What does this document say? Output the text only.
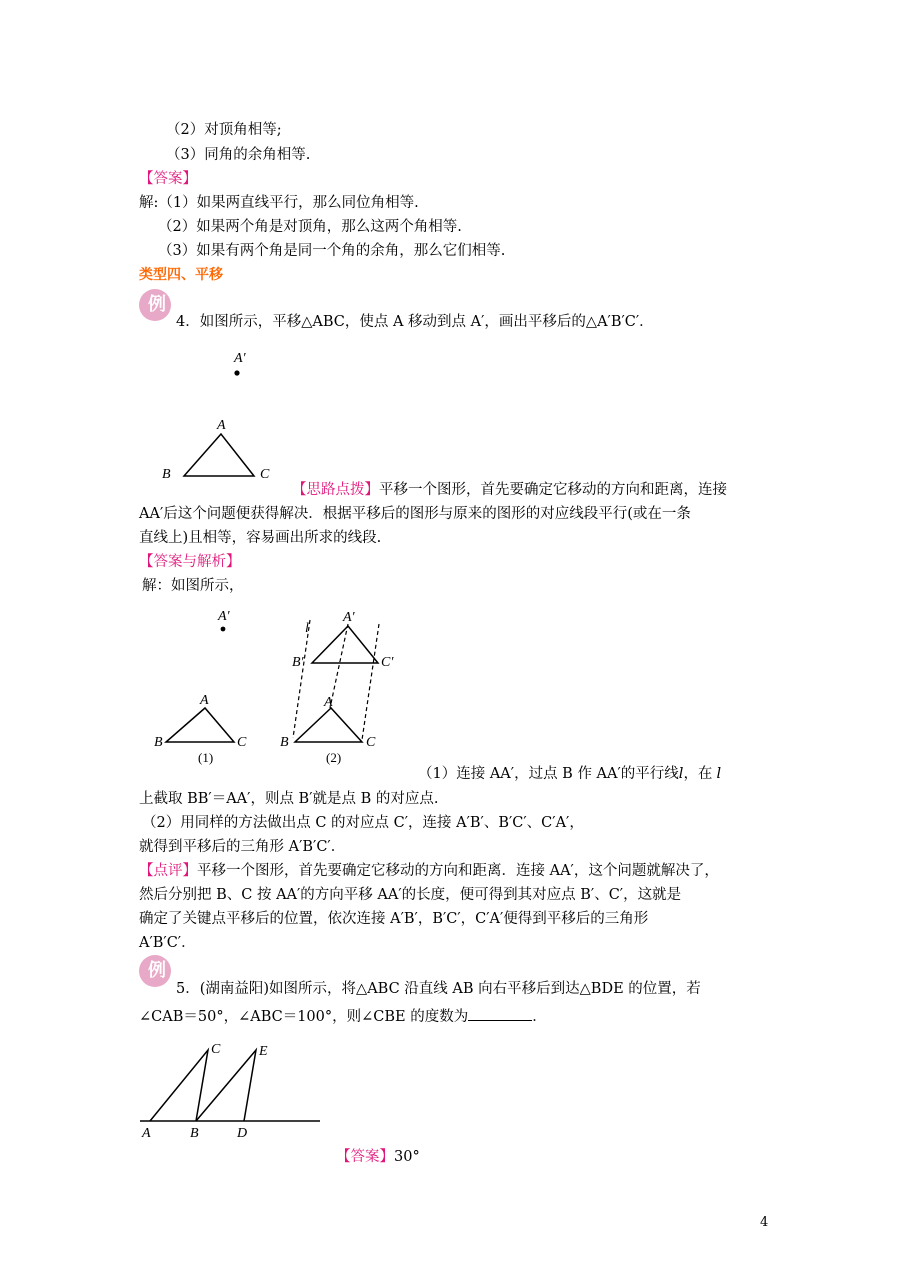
（2）对顶角相等;
（3）同角的余角相等.
【答案】
解:（1）如果两直线平行，那么同位角相等.
（2）如果两个角是对顶角，那么这两个角相等.
（3）如果有两个角是同一个角的余角，那么它们相等.
类型四、平移
例
4．如图所示，平移△ABC，使点 A 移动到点 A′，画出平移后的△A′B′C′．
A′
A
B	C
【思路点拨】平移一个图形，首先要确定它移动的方向和距离，连接
AA′后这个问题便获得解决．根据平移后的图形与原来的图形的对应线段平行(或在一条
直线上)且相等，容易画出所求的线段.
【答案与解析】
解：如图所示，
A′
A
B	C
(1)
l
A′
B′	C′
A
B	C
(2)
（1）连接 AA′，过点 B 作 AA′的平行线l，在 l
上截取 BB′＝AA′，则点 B′就是点 B 的对应点.
（2）用同样的方法做出点 C 的对应点 C′，连接 A′B′、B′C′、C′A′，
就得到平移后的三角形 A′B′C′．
【点评】平移一个图形，首先要确定它移动的方向和距离．连接 AA′，这个问题就解决了，
然后分别把 B、C 按 AA′的方向平移 AA′的长度，便可得到其对应点 B′、C′，这就是
确定了关键点平移后的位置，依次连接 A′B′，B′C′，C′A′便得到平移后的三角形
A′B′C′．
例
5．(湖南益阳)如图所示，将△ABC 沿直线 AB 向右平移后到达△BDE 的位置，若
∠CAB＝50°，∠ABC＝100°，则∠CBE 的度数为	．
C	E
A	B	D
【答案】30°
4
